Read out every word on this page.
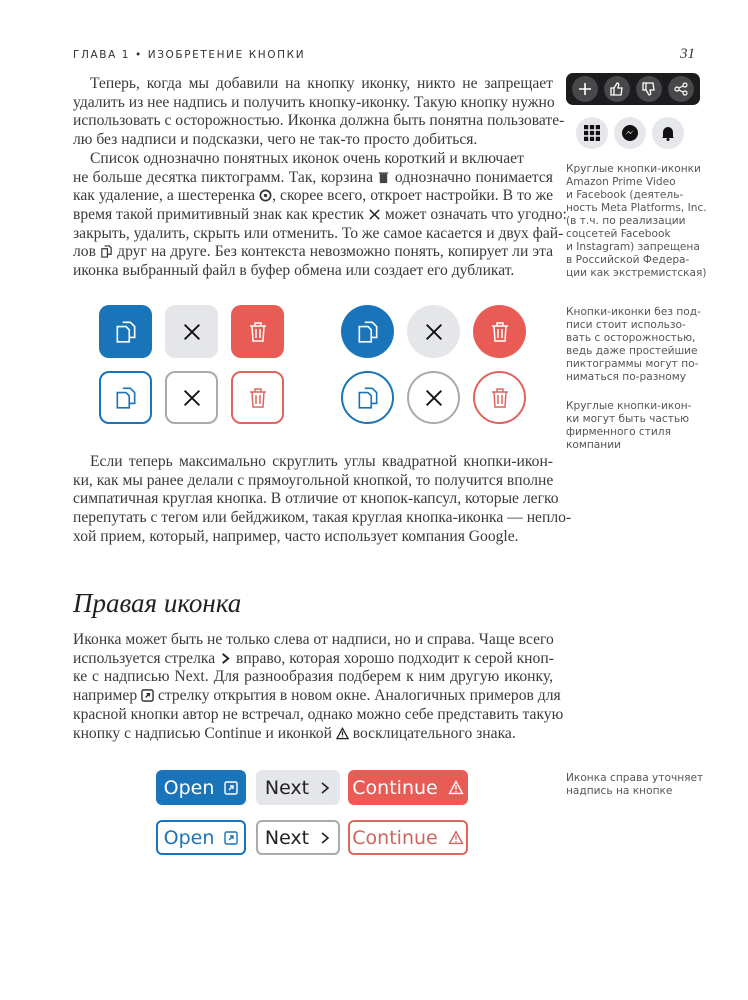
ГЛАВА 1 • ИЗОБРЕТЕНИЕ КНОПКИ	31
Теперь, когда мы добавили на кнопку иконку, никто не запрещает
удалить из нее надпись и получить кнопку-иконку. Такую кнопку нужно
использовать с осторожностью. Иконка должна быть понятна пользовате-
лю без надписи и подсказки, чего не так-то просто добиться.
Список однозначно понятных иконок очень короткий и включает
не больше десятка пиктограмм. Так, корзина однозначно понимается
как удаление, а шестеренка , скорее всего, откроет настройки. В то же
время такой примитивный знак как крестик может означать что угодно:
закрыть, удалить, скрыть или отменить. То же самое касается и двух фай-
лов друг на друге. Без контекста невозможно понять, копирует ли эта
иконка выбранный файл в буфер обмена или создает его дубликат.
Если теперь максимально скруглить углы квадратной кнопки-икон-
ки, как мы ранее делали с прямоугольной кнопкой, то получится вполне
симпатичная круглая кнопка. В отличие от кнопок-капсул, которые легко
перепутать с тегом или бейджиком, такая круглая кнопка-иконка — непло-
хой прием, который, например, часто использует компания Google.
Правая иконка
Иконка может быть не только слева от надписи, но и справа. Чаще всего
используется стрелка вправо, которая хорошо подходит к серой кноп-
ке с надписью Next. Для разнообразия подберем к ним другую иконку,
например стрелку открытия в новом окне. Аналогичных примеров для
красной кнопки автор не встречал, однако можно себе представить такую
кнопку с надписью Continue и иконкой восклицательного знака.
Open	Next Continue
Open	Next Continue
Круглые кнопки-иконки
Amazon Prime Video
и Facebook (деятель-
ность Meta Platforms, Inc.
(в т.ч. по реализации
соцсетей Facebook
и Instagram) запрещена
в Российской Федера-
ции как экстремистская)
Кнопки-иконки без под-
писи стоит использо-
вать с осторожностью,
ведь даже простейшие
пиктограммы могут по-
ниматься по-разному
Круглые кнопки-икон-
ки могут быть частью
фирменного стиля
компании
Иконка справа уточняет
надпись на кнопке
